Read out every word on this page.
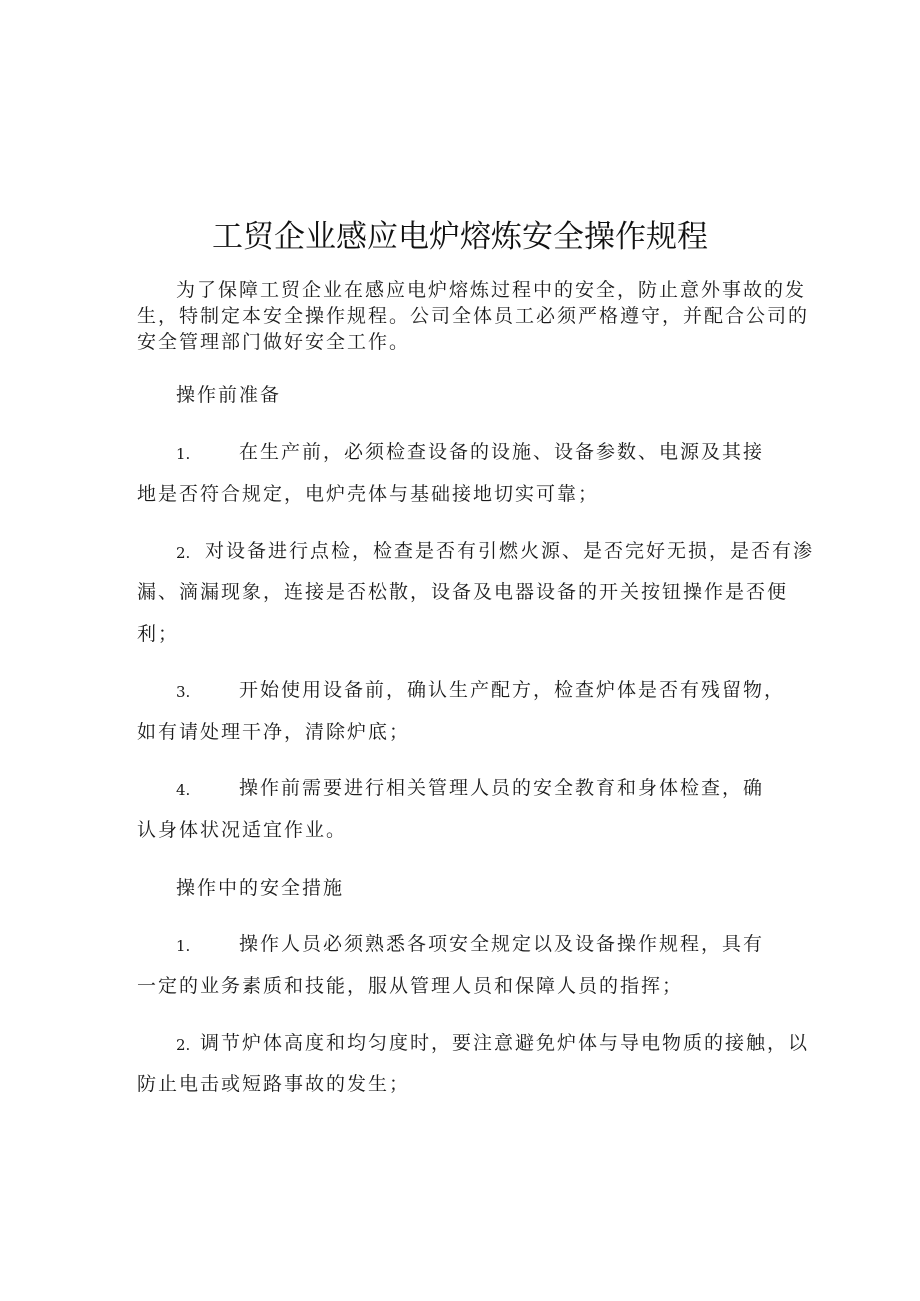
工贸企业感应电炉熔炼安全操作规程
为了保障工贸企业在感应电炉熔炼过程中的安全，防止意外事故的发
生，特制定本安全操作规程。公司全体员工必须严格遵守，并配合公司的
安全管理部门做好安全工作。
操作前准备
1.	在生产前，必须检查设备的设施、设备参数、电源及其接
地是否符合规定，电炉壳体与基础接地切实可靠；
2. 对设备进行点检，检查是否有引燃火源、是否完好无损，是否有渗
漏、滴漏现象，连接是否松散，设备及电器设备的开关按钮操作是否便
利；
3.	开始使用设备前，确认生产配方，检查炉体是否有残留物，
如有请处理干净，清除炉底；
4.	操作前需要进行相关管理人员的安全教育和身体检查，确
认身体状况适宜作业。
操作中的安全措施
1.	操作人员必须熟悉各项安全规定以及设备操作规程，具有
一定的业务素质和技能，服从管理人员和保障人员的指挥；
2. 调节炉体高度和均匀度时，要注意避免炉体与导电物质的接触，以
防止电击或短路事故的发生；
